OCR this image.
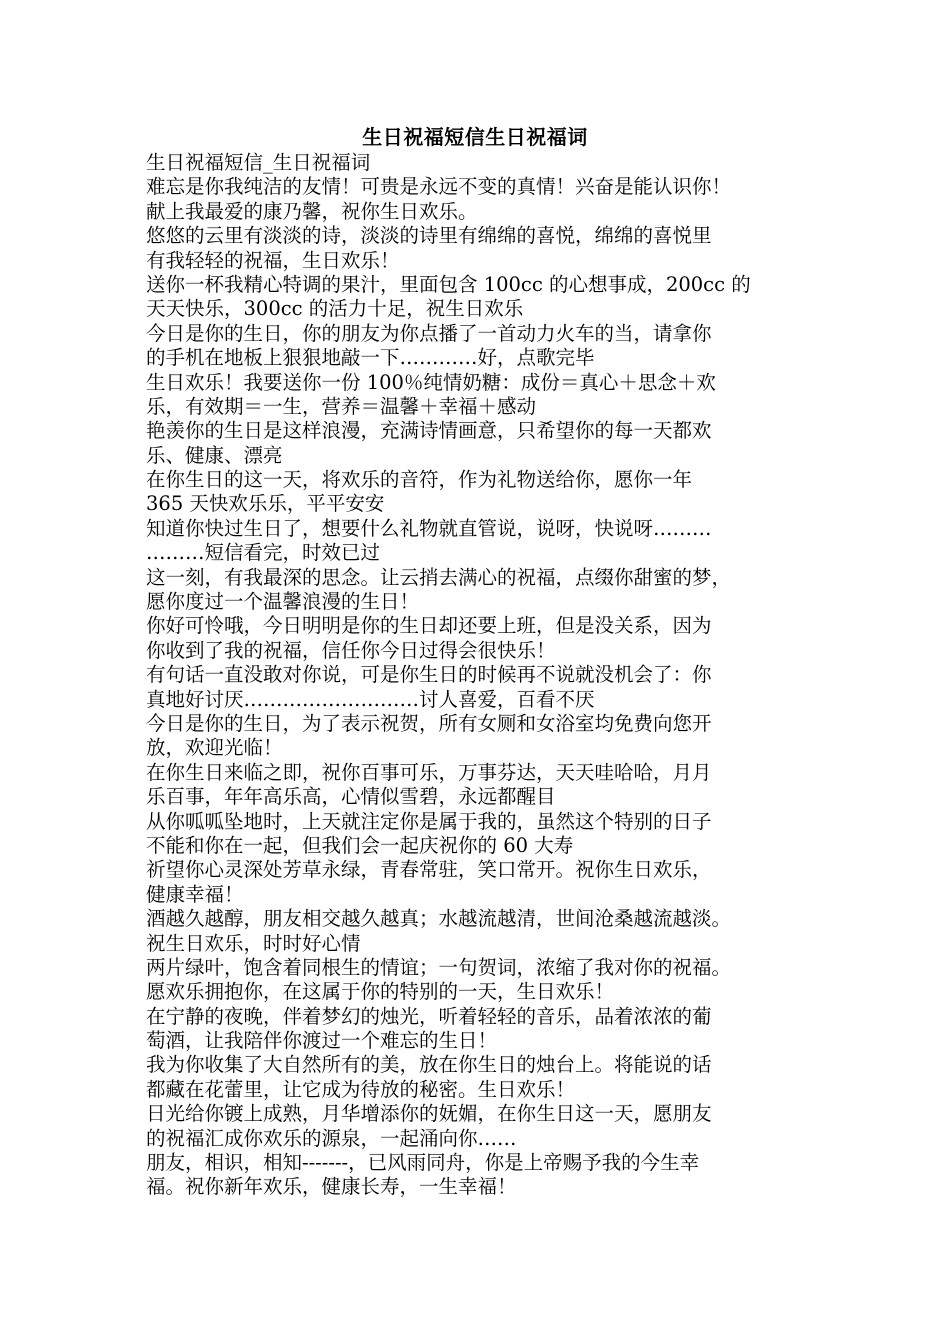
生日祝福短信生日祝福词
生日祝福短信_生日祝福词
难忘是你我纯洁的友情！可贵是永远不变的真情！兴奋是能认识你！
献上我最爱的康乃馨，祝你生日欢乐。
悠悠的云里有淡淡的诗，淡淡的诗里有绵绵的喜悦，绵绵的喜悦里
有我轻轻的祝福，生日欢乐！
送你一杯我精心特调的果汁，里面包含 100cc 的心想事成，200cc 的
天天快乐，300cc 的活力十足，祝生日欢乐
今日是你的生日，你的朋友为你点播了一首动力火车的当，请拿你
的手机在地板上狠狠地敲一下…………好，点歌完毕
生日欢乐！我要送你一份 100％纯情奶糖：成份＝真心＋思念＋欢
乐，有效期＝一生，营养＝温馨＋幸福＋感动
艳羡你的生日是这样浪漫，充满诗情画意，只希望你的每一天都欢
乐、健康、漂亮
在你生日的这一天，将欢乐的音符，作为礼物送给你，愿你一年
365 天快欢乐乐，平平安安
知道你快过生日了，想要什么礼物就直管说，说呀，快说呀………
………短信看完，时效已过
这一刻，有我最深的思念。让云捎去满心的祝福，点缀你甜蜜的梦，
愿你度过一个温馨浪漫的生日！
你好可怜哦，今日明明是你的生日却还要上班，但是没关系，因为
你收到了我的祝福，信任你今日过得会很快乐！
有句话一直没敢对你说，可是你生日的时候再不说就没机会了：你
真地好讨厌………………………讨人喜爱，百看不厌
今日是你的生日，为了表示祝贺，所有女厕和女浴室均免费向您开
放，欢迎光临！
在你生日来临之即，祝你百事可乐，万事芬达，天天哇哈哈，月月
乐百事，年年高乐高，心情似雪碧，永远都醒目
从你呱呱坠地时，上天就注定你是属于我的，虽然这个特别的日子
不能和你在一起，但我们会一起庆祝你的 60 大寿
祈望你心灵深处芳草永绿，青春常驻，笑口常开。祝你生日欢乐，
健康幸福！
酒越久越醇，朋友相交越久越真；水越流越清，世间沧桑越流越淡。
祝生日欢乐，时时好心情
两片绿叶，饱含着同根生的情谊；一句贺词，浓缩了我对你的祝福。
愿欢乐拥抱你，在这属于你的特别的一天，生日欢乐！
在宁静的夜晚，伴着梦幻的烛光，听着轻轻的音乐，品着浓浓的葡
萄酒，让我陪伴你渡过一个难忘的生日！
我为你收集了大自然所有的美，放在你生日的烛台上。将能说的话
都藏在花蕾里，让它成为待放的秘密。生日欢乐！
日光给你镀上成熟，月华增添你的妩媚，在你生日这一天，愿朋友
的祝福汇成你欢乐的源泉，一起涌向你……
朋友，相识，相知-------，已风雨同舟，你是上帝赐予我的今生幸
福。祝你新年欢乐，健康长寿，一生幸福！
